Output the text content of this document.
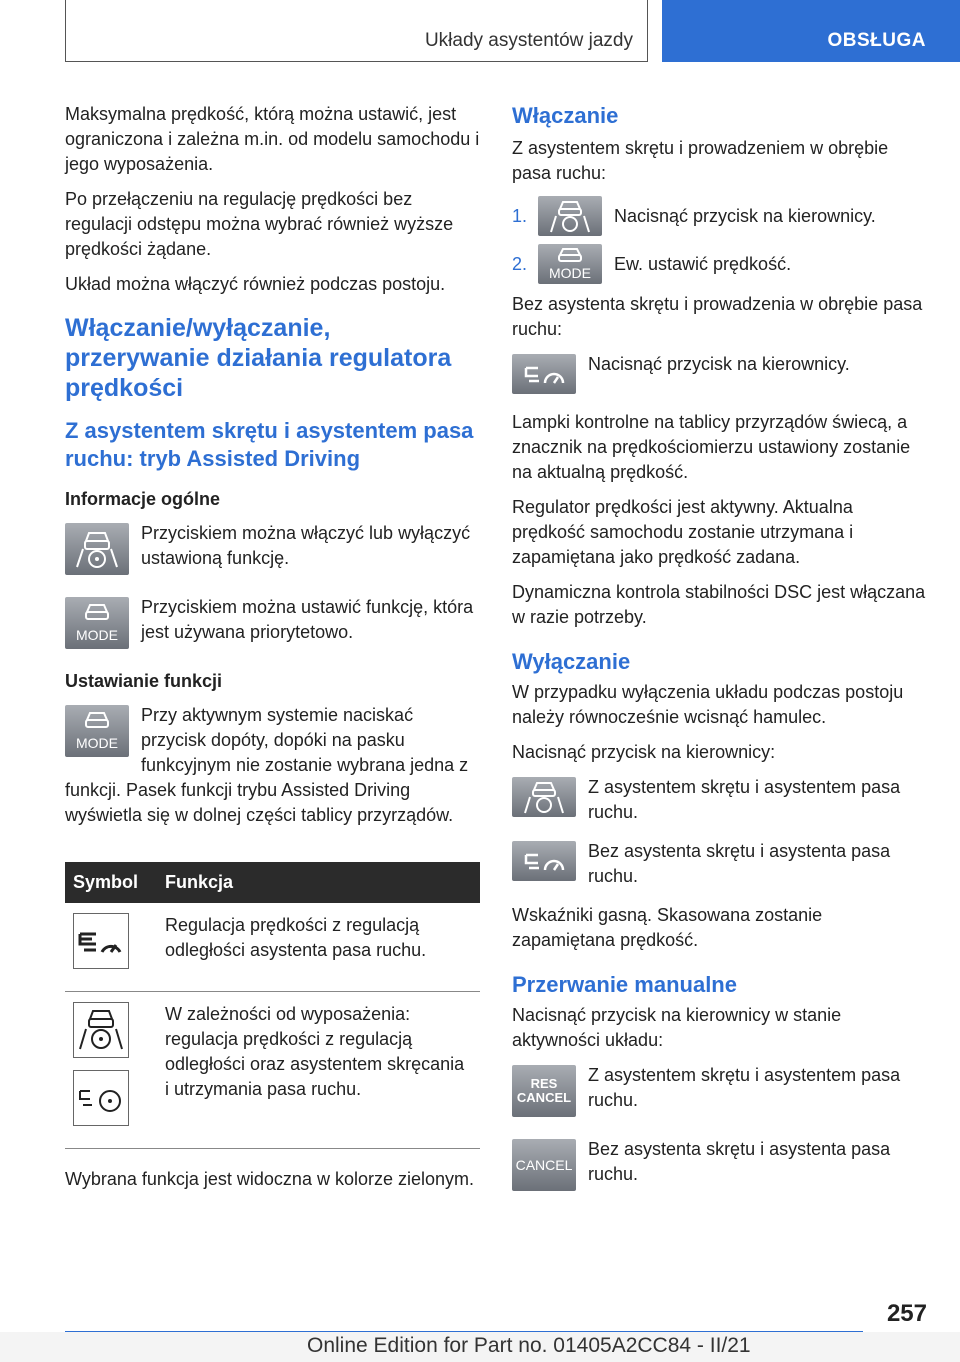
Układy asystentów jazdy	OBSŁUGA

Maksymalna prędkość, którą można ustawić, jest ograniczona i zależna m.in. od modelu samochodu i jego wyposażenia.

Po przełączeniu na regulację prędkości bez regulacji odstępu można wybrać również wyższe prędkości żądane.

Układ można włączyć również podczas postoju.

Włączanie/wyłączanie, przerywanie działania regulatora prędkości
Z asystentem skrętu i asystentem pasa ruchu: tryb Assisted Driving
Informacje ogólne

Przyciskiem można włączyć lub wyłączyć ustawioną funkcję.

MODE

Przyciskiem można ustawić funkcję, która jest używana priorytetowo.

Ustawianie funkcji
MODE

Przy aktywnym systemie naciskać przycisk dopóty, dopóki na pasku funkcyjnym nie zostanie wybrana jedna z funkcji. Pasek funkcji trybu Assisted Driving wyświetla się w dolnej części tablicy przyrządów.

Symbol	Funkcja

	Regulacja prędkości z regulacją odległości asystenta pasa ruchu.

	W zależności od wyposażenia: regulacja prędkości z regulacją odległości oraz asystentem skręcania i utrzymania pasa ruchu.

Wybrana funkcja jest widoczna w kolorze zielonym.

Włączanie

Z asystentem skrętu i prowadzeniem w obrębie pasa ruchu:

1.	Nacisnąć przycisk na kierownicy.
2.	MODE	Ew. ustawić prędkość.

Bez asystenta skrętu i prowadzenia w obrębie pasa ruchu:

Nacisnąć przycisk na kierownicy.

Lampki kontrolne na tablicy przyrządów świecą, a znacznik na prędkościomierzu ustawiony zostanie na aktualną prędkość.

Regulator prędkości jest aktywny. Aktualna prędkość samochodu zostanie utrzymana i zapamiętana jako prędkość zadana.

Dynamiczna kontrola stabilności DSC jest włączana w razie potrzeby.

Wyłączanie

W przypadku wyłączenia układu podczas postoju należy równocześnie wcisnąć hamulec.

Nacisnąć przycisk na kierownicy:

Z asystentem skrętu i asystentem pasa ruchu.

Bez asystenta skrętu i asystenta pasa ruchu.

Wskaźniki gasną. Skasowana zostanie zapamiętana prędkość.

Przerwanie manualne

Nacisnąć przycisk na kierownicy w stanie aktywności układu:

RES
CANCEL

Z asystentem skrętu i asystentem pasa ruchu.

CANCEL

Bez asystenta skrętu i asystenta pasa ruchu.

257
Online Edition for Part no. 01405A2CC84 - II/21
